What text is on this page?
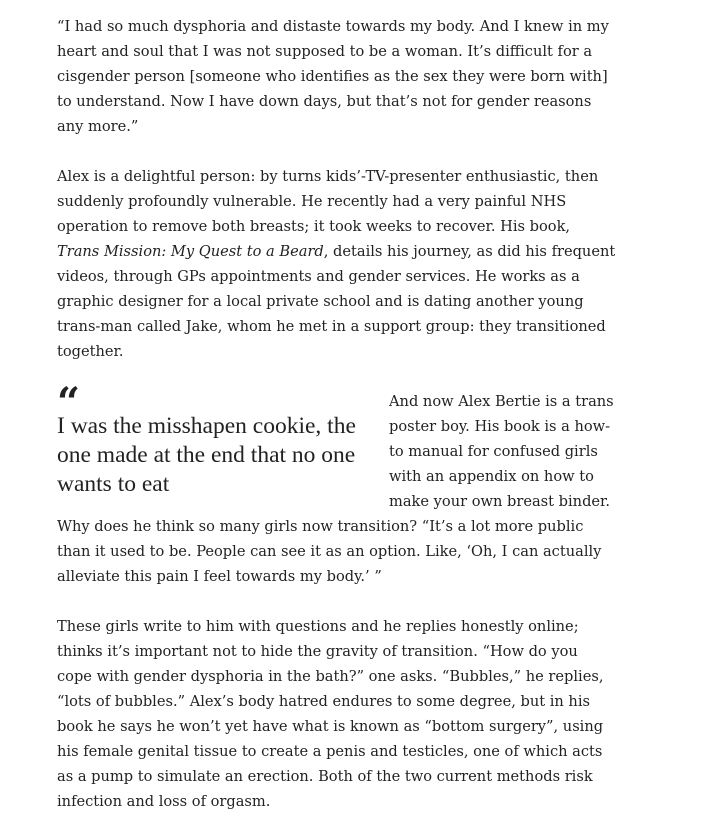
“I had so much dysphoria and distaste towards my body. And I knew in my heart and soul that I was not supposed to be a woman. It’s difficult for a cisgender person [someone who identifies as the sex they were born with] to understand. Now I have down days, but that’s not for gender reasons any more.”

Alex is a delightful person: by turns kids’-TV-presenter enthusiastic, then suddenly profoundly vulnerable. He recently had a very painful NHS operation to remove both breasts; it took weeks to recover. His book, Trans Mission: My Quest to a Beard, details his journey, as did his frequent videos, through GPs appointments and gender services. He works as a graphic designer for a local private school and is dating another young trans-man called Jake, whom he met in a support group: they transitioned together.

“
I was the misshapen cookie, the one made at the end that no one wants to eat
And now Alex Bertie is a trans poster boy. His book is a how-to manual for confused girls with an appendix on how to make your own breast binder. Why does he think so many girls now transition? “It’s a lot more public than it used to be. People can see it as an option. Like, ‘Oh, I can actually alleviate this pain I feel towards my body.’ ”

These girls write to him with questions and he replies honestly online; thinks it’s important not to hide the gravity of transition. “How do you cope with gender dysphoria in the bath?” one asks. “Bubbles,” he replies, “lots of bubbles.” Alex’s body hatred endures to some degree, but in his book he says he won’t yet have what is known as “bottom surgery”, using his female genital tissue to create a penis and testicles, one of which acts as a pump to simulate an erection. Both of the two current methods risk infection and loss of orgasm.
